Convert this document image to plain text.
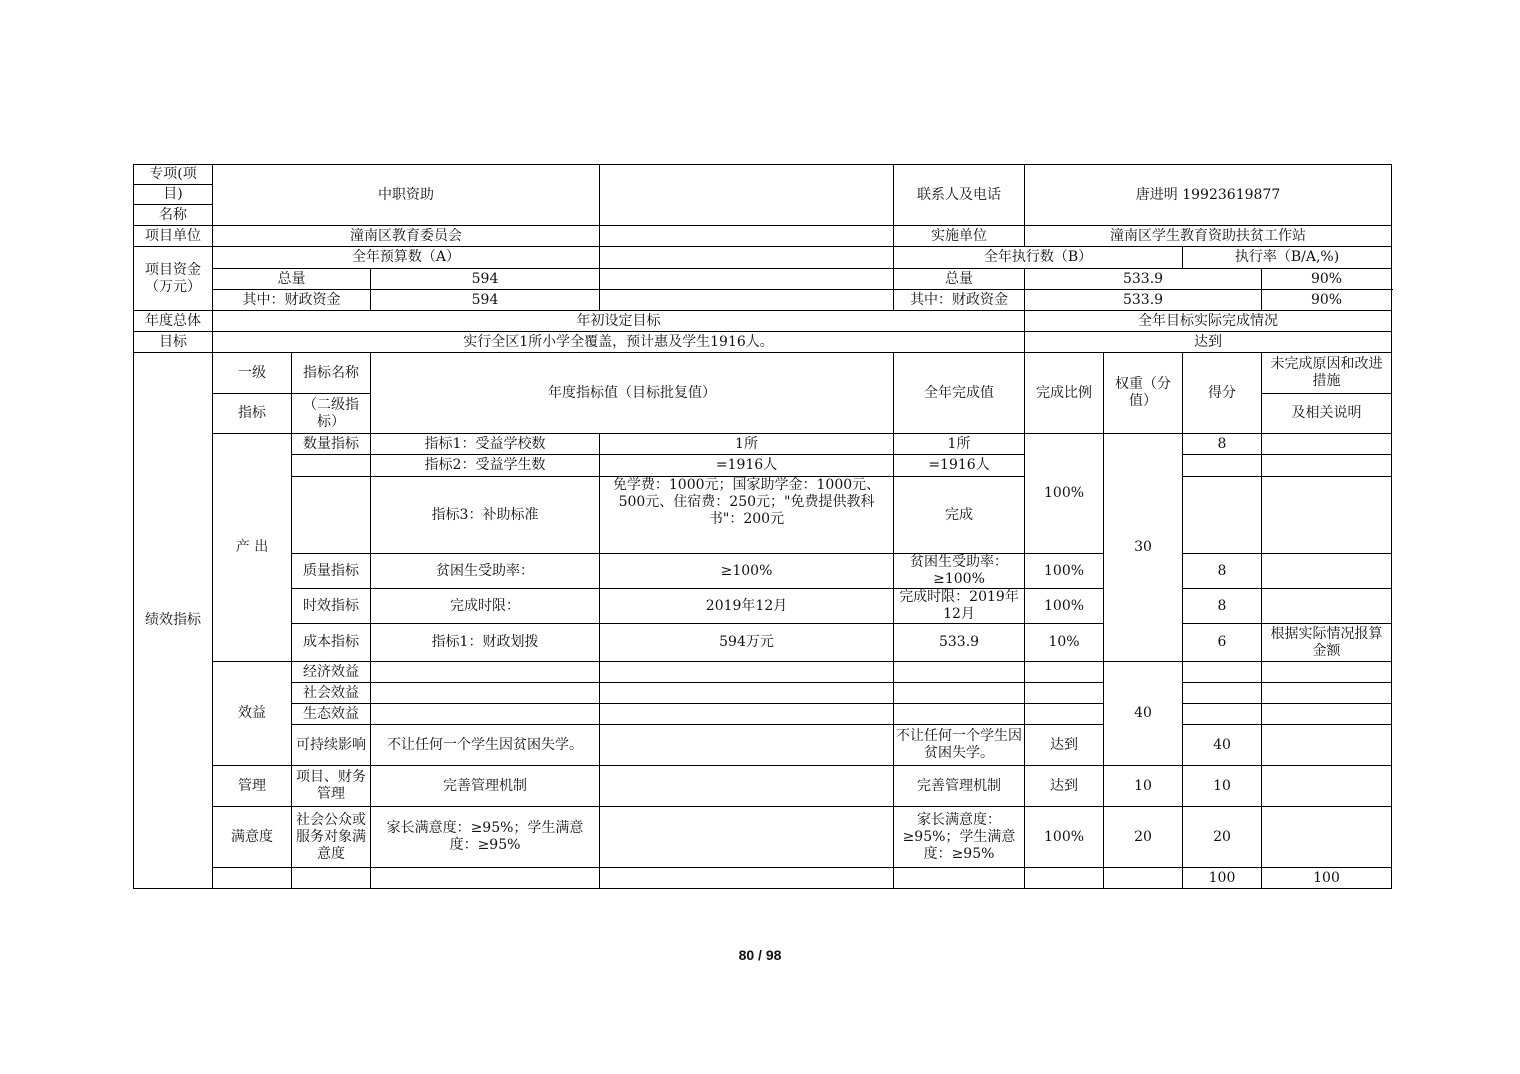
专项(项	中职资助				联系人及电话	唐进明 19923619877				
目)										
名称										
项目单位	潼南区教育委员会				实施单位	潼南区学生教育资助扶贫工作站				
项目资金（万元）	全年预算数（A）				全年执行数（B）			执行率（B/A,%)		
	总量		594		总量	533.9			90%	
	其中：财政资金		594		其中：财政资金	533.9			90%	
年度总体	年初设定目标					全年目标实际完成情况				
目标	实行全区1所小学全覆盖，预计惠及学生1916人。					达到				
绩效指标	一级	指标名称	年度指标值（目标批复值）		全年完成值	完成比例	权重（分值）	得分	未完成原因和改进措施	
	指标	（二级指标）							及相关说明	
	产 出	数量指标	指标1：受益学校数	1所	1所	100%	30	8		
			指标2：受益学生数	=1916人	=1916人					
			指标3：补助标准	免学费：1000元；国家助学金：1000元、500元、住宿费：250元；"免费提供教科书"：200元	完成					
		质量指标	贫困生受助率：	≥100%	贫困生受助率：≥100%	100%		8		
		时效指标	完成时限：	2019年12月	完成时限：2019年12月	100%		8		
		成本指标	指标1：财政划拨	594万元	533.9	10%		6	根据实际情况报算金额	
	效益	经济效益					40			
		社会效益								
		生态效益								
		可持续影响	不让任何一个学生因贫困失学。		不让任何一个学生因贫困失学。	达到		40		
	管理	项目、财务管理	完善管理机制		完善管理机制	达到	10	10		
	满意度	社会公众或服务对象满意度	家长满意度：≥95%；学生满意度：≥95%		家长满意度：≥95%；学生满意度：≥95%	100%	20	20		
								100	100	
80 / 98
